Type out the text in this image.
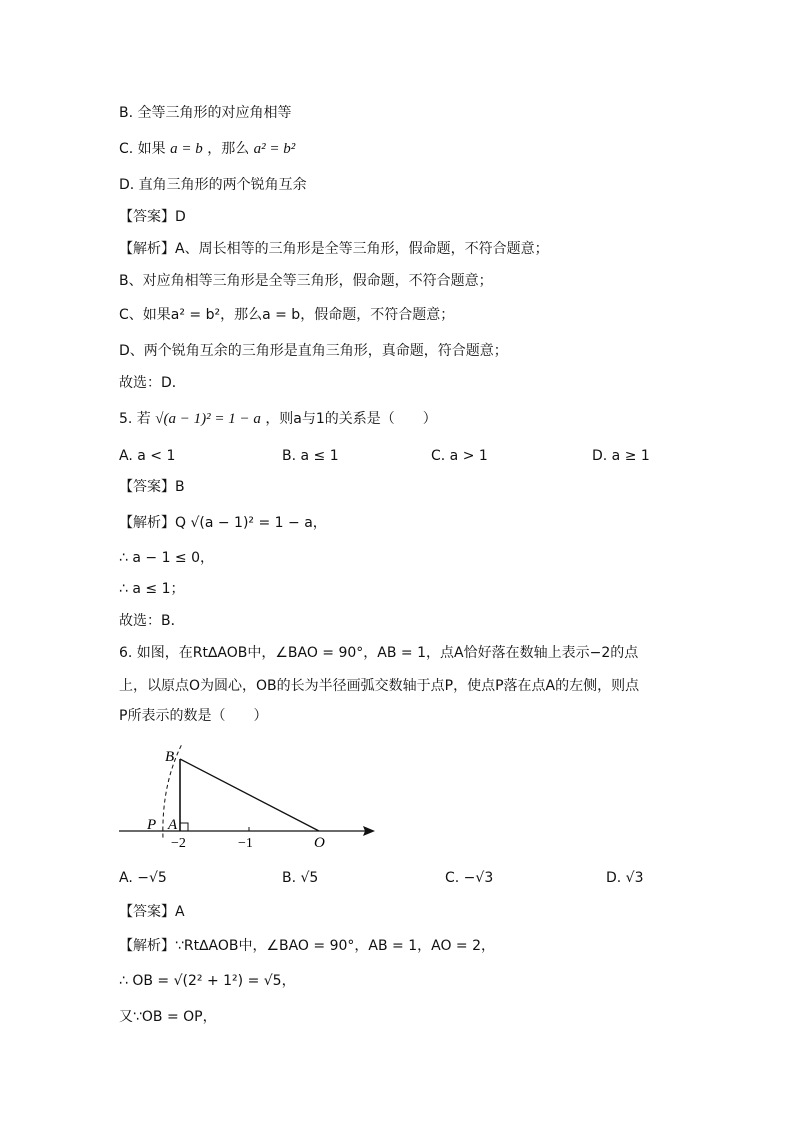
B. 全等三角形的对应角相等
C. 如果 a = b ，那么 a² = b²
D. 直角三角形的两个锐角互余
【答案】D
【解析】A、周长相等的三角形是全等三角形，假命题，不符合题意；
B、对应角相等三角形是全等三角形，假命题，不符合题意；
C、如果a² = b²，那么a = b，假命题，不符合题意；
D、两个锐角互余的三角形是直角三角形，真命题，符合题意；
故选：D．
5. 若 √(a − 1)² = 1 − a ，则a与1的关系是（　　）
A. a < 1	B. a ≤ 1	C. a > 1	D. a ≥ 1
【答案】B
【解析】Q √(a − 1)² = 1 − a，
∴ a − 1 ≤ 0，
∴ a ≤ 1；
故选：B．
6. 如图，在Rt∆AOB中，∠BAO = 90°，AB = 1，点A恰好落在数轴上表示−2的点
上，以原点O为圆心，OB的长为半径画弧交数轴于点P，使点P落在点A的左侧，则点
P所表示的数是（　　）
B
P A
−2	−1	O
A. −√5	B. √5	C. −√3	D. √3
【答案】A
【解析】∵Rt∆AOB中，∠BAO = 90°，AB = 1，AO = 2，
∴ OB = √(2² + 1²) = √5，
又∵OB = OP，
